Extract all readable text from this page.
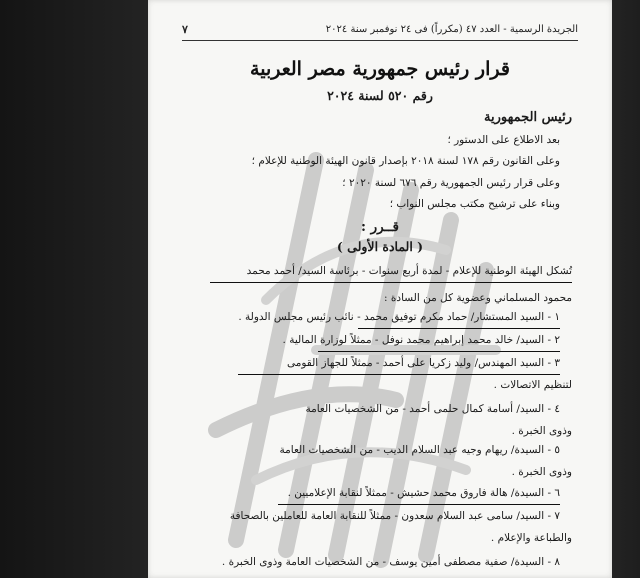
الجريدة الرسمية - العدد ٤٧ (مكرراً) فى ٢٤ نوفمبر سنة ٢٠٢٤
٧
قرار رئيس جمهورية مصر العربية
رقم ٥٢٠ لسنة ٢٠٢٤
رئيس الجمهورية
بعد الاطلاع على الدستور ؛
وعلى القانون رقم ١٧٨ لسنة ٢٠١٨ بإصدار قانون الهيئة الوطنية للإعلام ؛
وعلى قرار رئيس الجمهورية رقم ٦٧٦ لسنة ٢٠٢٠ ؛
وبناء على ترشيح مكتب مجلس النواب ؛
قــرر :
( المادة الأولى )
تُشكل الهيئة الوطنية للإعلام - لمدة أربع سنوات - برئاسة السيد/ أحمد محمد
محمود المسلماني وعضوية كل من السادة :
١ - السيد المستشار/ حماد مكرم توفيق محمد - نائب رئيس مجلس الدولة .
٢ - السيد/ خالد محمد إبراهيم محمد نوفل - ممثلاً لوزارة المالية .
٣ - السيد المهندس/ وليد زكريا على أحمد - ممثلاً للجهاز القومى
لتنظيم الاتصالات .
٤ - السيد/ أسامة كمال حلمى أحمد - من الشخصيات العامة
وذوى الخبرة .
٥ - السيدة/ ريهام وجيه عبد السلام الديب - من الشخصيات العامة
وذوى الخبرة .
٦ - السيدة/ هالة فاروق محمد حشيش - ممثلاً لنقابة الإعلاميين .
٧ - السيد/ سامى عبد السلام سعدون - ممثلاً للنقابة العامة للعاملين بالصحافة
والطباعة والإعلام .
٨ - السيدة/ صفية مصطفى أمين يوسف - من الشخصيات العامة وذوى الخبرة .
